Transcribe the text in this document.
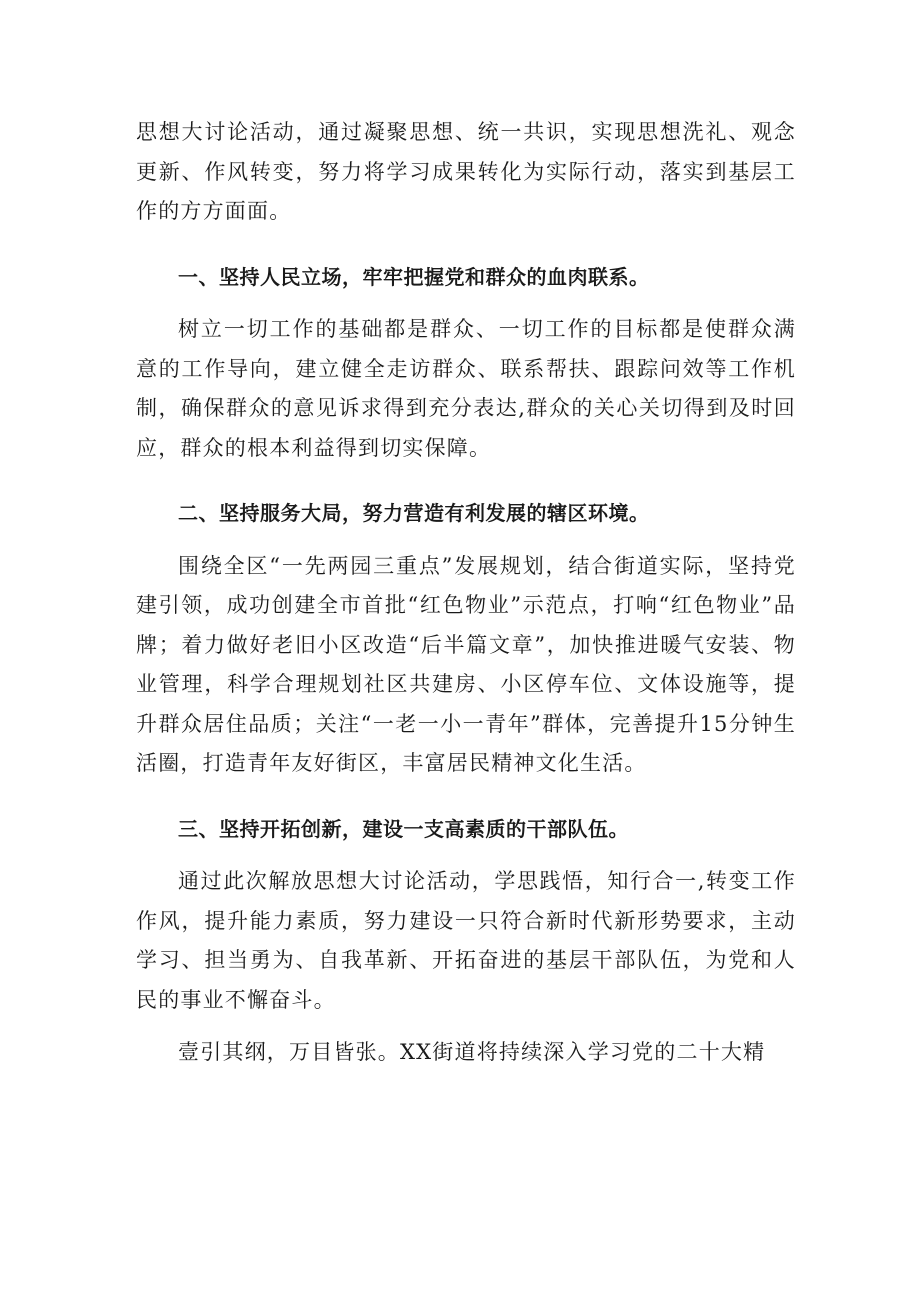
思想大讨论活动，通过凝聚思想、统一共识，实现思想洗礼、观念更新、作风转变，努力将学习成果转化为实际行动，落实到基层工作的方方面面。

一、坚持人民立场，牢牢把握党和群众的血肉联系。

树立一切工作的基础都是群众、一切工作的目标都是使群众满意的工作导向，建立健全走访群众、联系帮扶、跟踪问效等工作机制，确保群众的意见诉求得到充分表达,群众的关心关切得到及时回应，群众的根本利益得到切实保障。

二、坚持服务大局，努力营造有利发展的辖区环境。

围绕全区“一先两园三重点”发展规划，结合街道实际，坚持党建引领，成功创建全市首批“红色物业”示范点，打响“红色物业”品牌；着力做好老旧小区改造“后半篇文章”，加快推进暖气安装、物业管理，科学合理规划社区共建房、小区停车位、文体设施等，提升群众居住品质；关注“一老一小一青年”群体，完善提升15分钟生活圈，打造青年友好街区，丰富居民精神文化生活。

三、坚持开拓创新，建设一支高素质的干部队伍。

通过此次解放思想大讨论活动，学思践悟，知行合一,转变工作作风，提升能力素质，努力建设一只符合新时代新形势要求，主动学习、担当勇为、自我革新、开拓奋进的基层干部队伍，为党和人民的事业不懈奋斗。

壹引其纲，万目皆张。XX街道将持续深入学习党的二十大精
